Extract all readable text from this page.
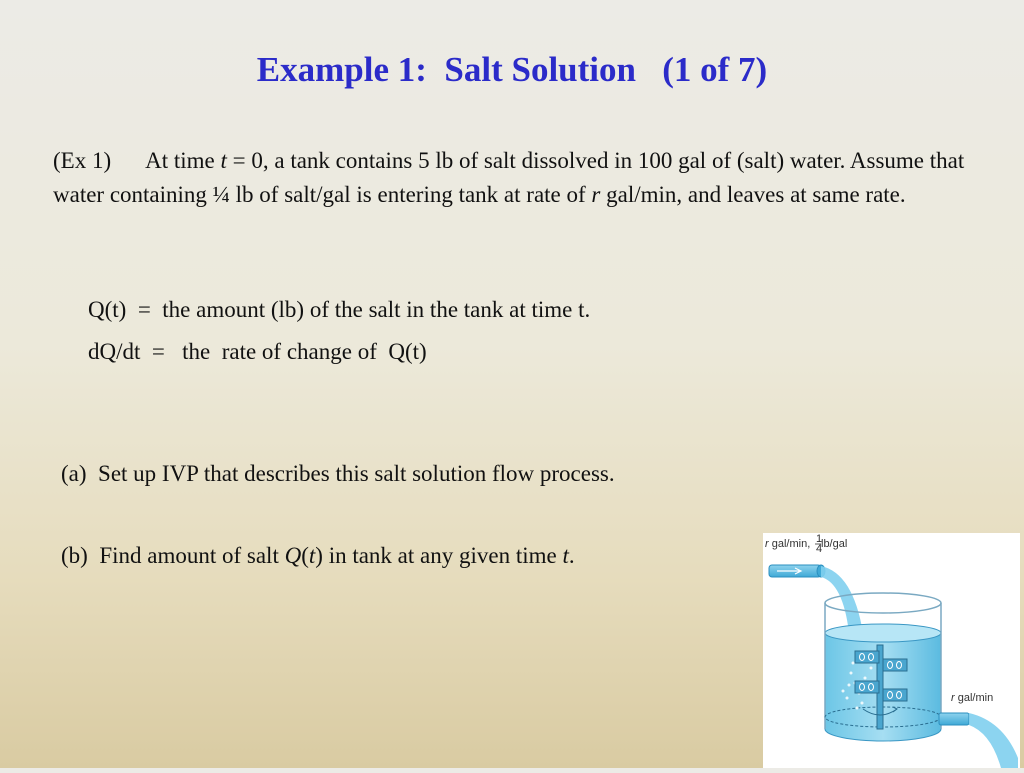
Example 1:  Salt Solution   (1 of 7)
(Ex 1) At time t = 0, a tank contains 5 lb of salt dissolved in 100 gal of (salt) water. Assume that water containing ¼ lb of salt/gal is entering tank at rate of r gal/min, and leaves at same rate.
Q(t)  =  the amount (lb) of the salt in the tank at time t.
dQ/dt  =   the  rate of change of  Q(t)
(a)  Set up IVP that describes this salt solution flow process.
(b)  Find amount of salt Q(t) in tank at any given time t.	r gal/min, 1
4
lb/gal
r gal/min
